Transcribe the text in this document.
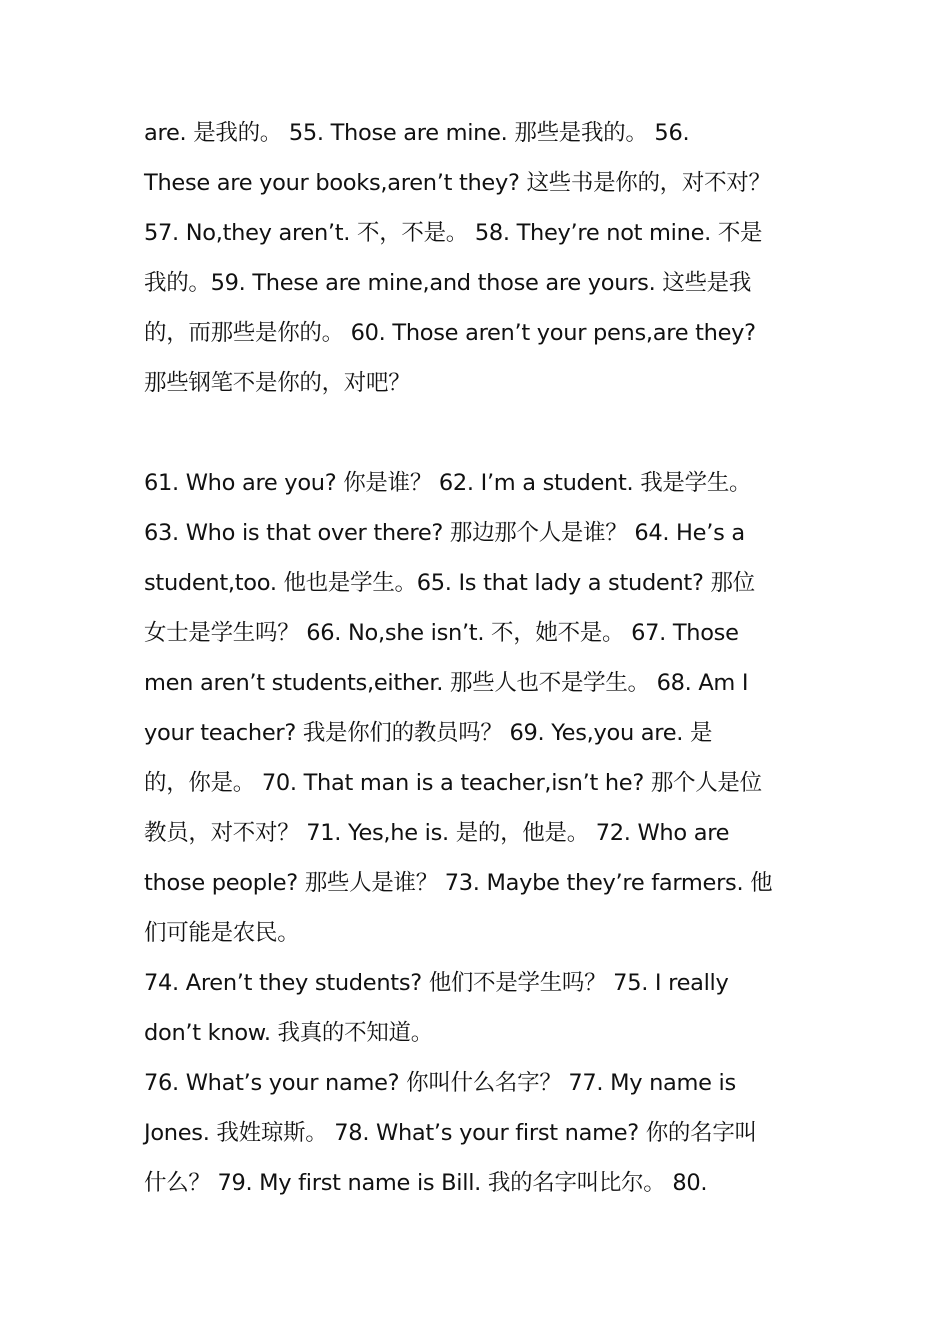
are. 是我的。 55. Those are mine. 那些是我的。 56.
These are your books,aren’t they? 这些书是你的，对不对？
57. No,they aren’t. 不，不是。 58. They’re not mine. 不是
我的。59. These are mine,and those are yours. 这些是我
的，而那些是你的。 60. Those aren’t your pens,are they?
那些钢笔不是你的，对吧？
61. Who are you? 你是谁？ 62. I’m a student. 我是学生。
63. Who is that over there? 那边那个人是谁？ 64. He’s a
student,too. 他也是学生。65. Is that lady a student? 那位
女士是学生吗？ 66. No,she isn’t. 不，她不是。 67. Those
men aren’t students,either. 那些人也不是学生。 68. Am I
your teacher? 我是你们的教员吗？ 69. Yes,you are. 是
的，你是。 70. That man is a teacher,isn’t he? 那个人是位
教员，对不对？ 71. Yes,he is. 是的，他是。 72. Who are
those people? 那些人是谁？ 73. Maybe they’re farmers. 他
们可能是农民。
74. Aren’t they students? 他们不是学生吗？ 75. I really
don’t know. 我真的不知道。
76. What’s your name? 你叫什么名字？ 77. My name is
Jones. 我姓琼斯。 78. What’s your first name? 你的名字叫
什么？ 79. My first name is Bill. 我的名字叫比尔。 80.
